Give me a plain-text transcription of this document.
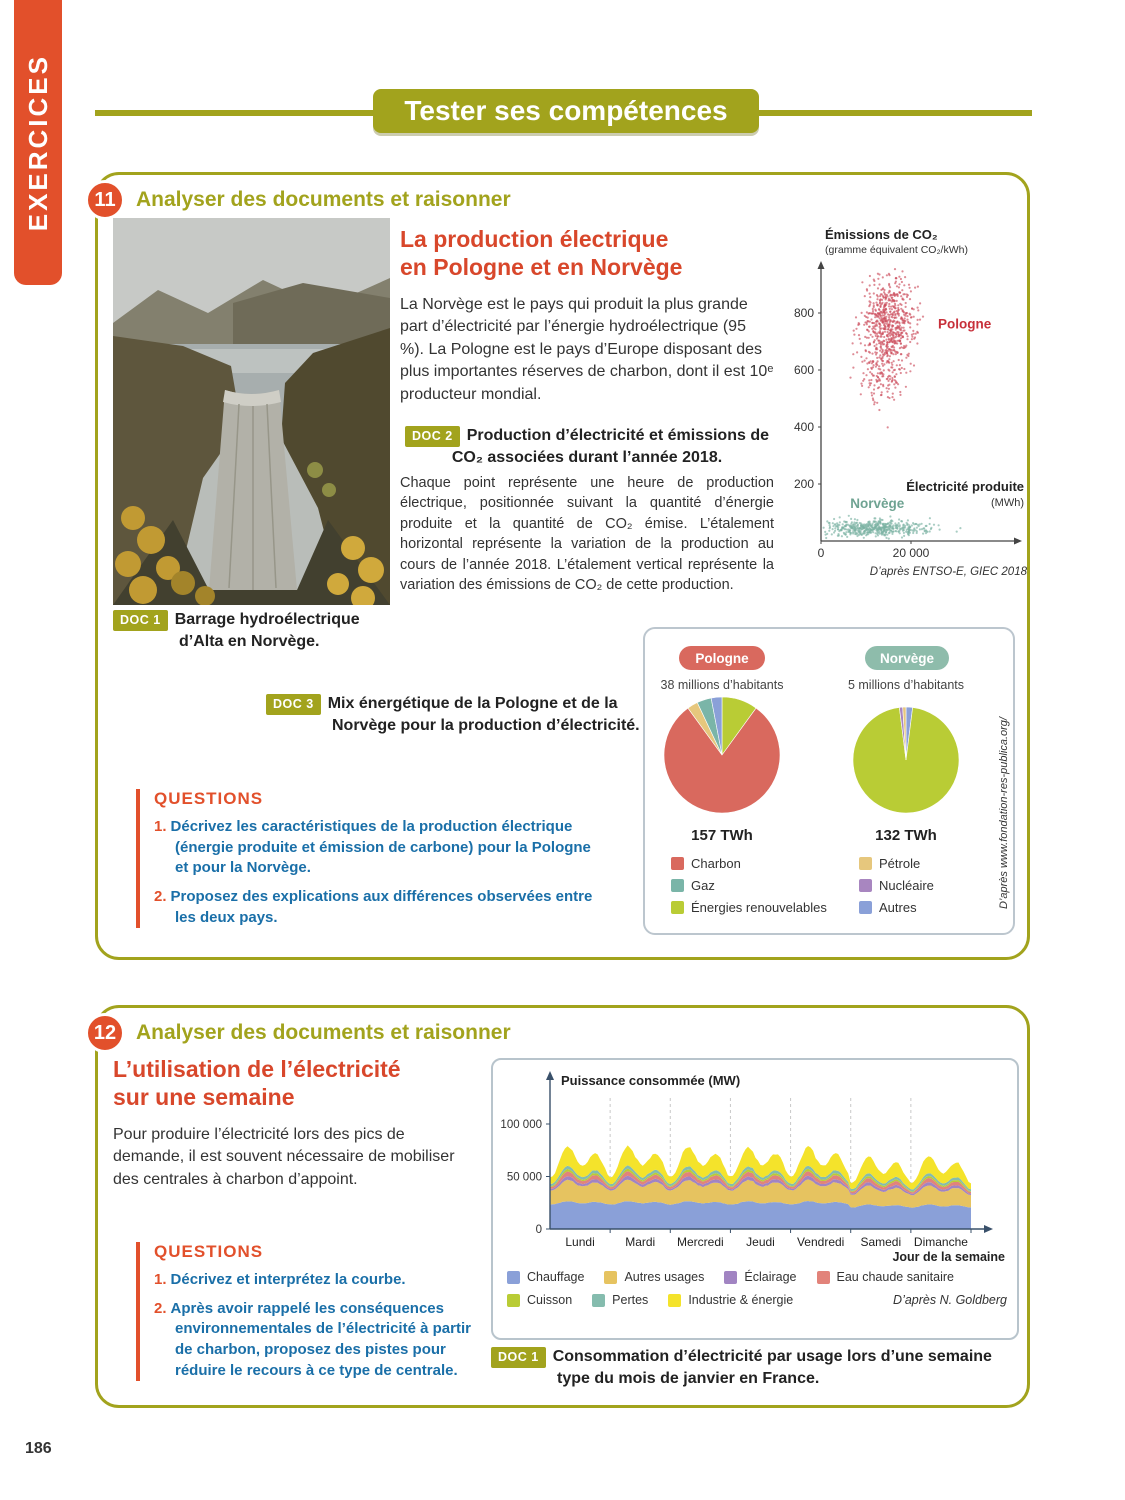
EXERCICES	Tester ses compétences
11 Analyser des documents et raisonner
DOC 1 Barrage hydroélectrique d’Alta en Norvège.
La production électrique
en Pologne et en Norvège

La Norvège est le pays qui produit la plus grande part d’électricité par l’énergie hydroélectrique (95 %). La Pologne est le pays d’Europe disposant des plus importantes réserves de charbon, dont il est 10ᵉ producteur mondial.

DOC 2 Production d’électricité et émissions de CO₂ associées durant l’année 2018.

Chaque point représente une heure de production électrique, positionnée suivant la quantité d’énergie produite et la quantité de CO₂ émise. L’étalement horizontal représente la variation de la production au cours de l’année 2018. L’étalement vertical représente la variation des émissions de CO₂ de cette production.

Émissions de CO₂
(gramme équivalent CO₂/kWh)
200
400
600
800
0	20 000
Électricité produite
(MWh)
D’après ENTSO-E, GIEC 2018
Pologne
Norvège
DOC 3 Mix énergétique de la Pologne et de la Norvège pour la production d’électricité.
Pologne	Norvège
38 millions d’habitants	5 millions d’habitants
157 TWh	132 TWh
Charbon
Gaz
Énergies renouvelables
Pétrole
Nucléaire
Autres	D’après www.fondation-res-publica.org/
QUESTIONS
1. Décrivez les caractéristiques de la production électrique (énergie produite et émission de carbone) pour la Pologne et pour la Norvège.
2. Proposez des explications aux différences observées entre les deux pays.
12 Analyser des documents et raisonner
L’utilisation de l’électricité
sur une semaine

Pour produire l’électricité lors des pics de demande, il est souvent nécessaire de mobiliser des centrales à charbon d’appoint.

QUESTIONS
1. Décrivez et interprétez la courbe.
2. Après avoir rappelé les conséquences environnementales de l’électricité à partir de charbon, proposez des pistes pour réduire le recours à ce type de centrale.
Puissance consommée (MW)
0
50 000
100 000
Lundi	Mardi Mercredi Jeudi Vendredi Samedi Dimanche
Jour de la semaine
Chauffage	Autres usages	Éclairage	Eau chaude sanitaire
Cuisson	Pertes	Industrie & énergie	D’après N. Goldberg
DOC 1 Consommation d’électricité par usage lors d’une semaine type du mois de janvier en France.
186
